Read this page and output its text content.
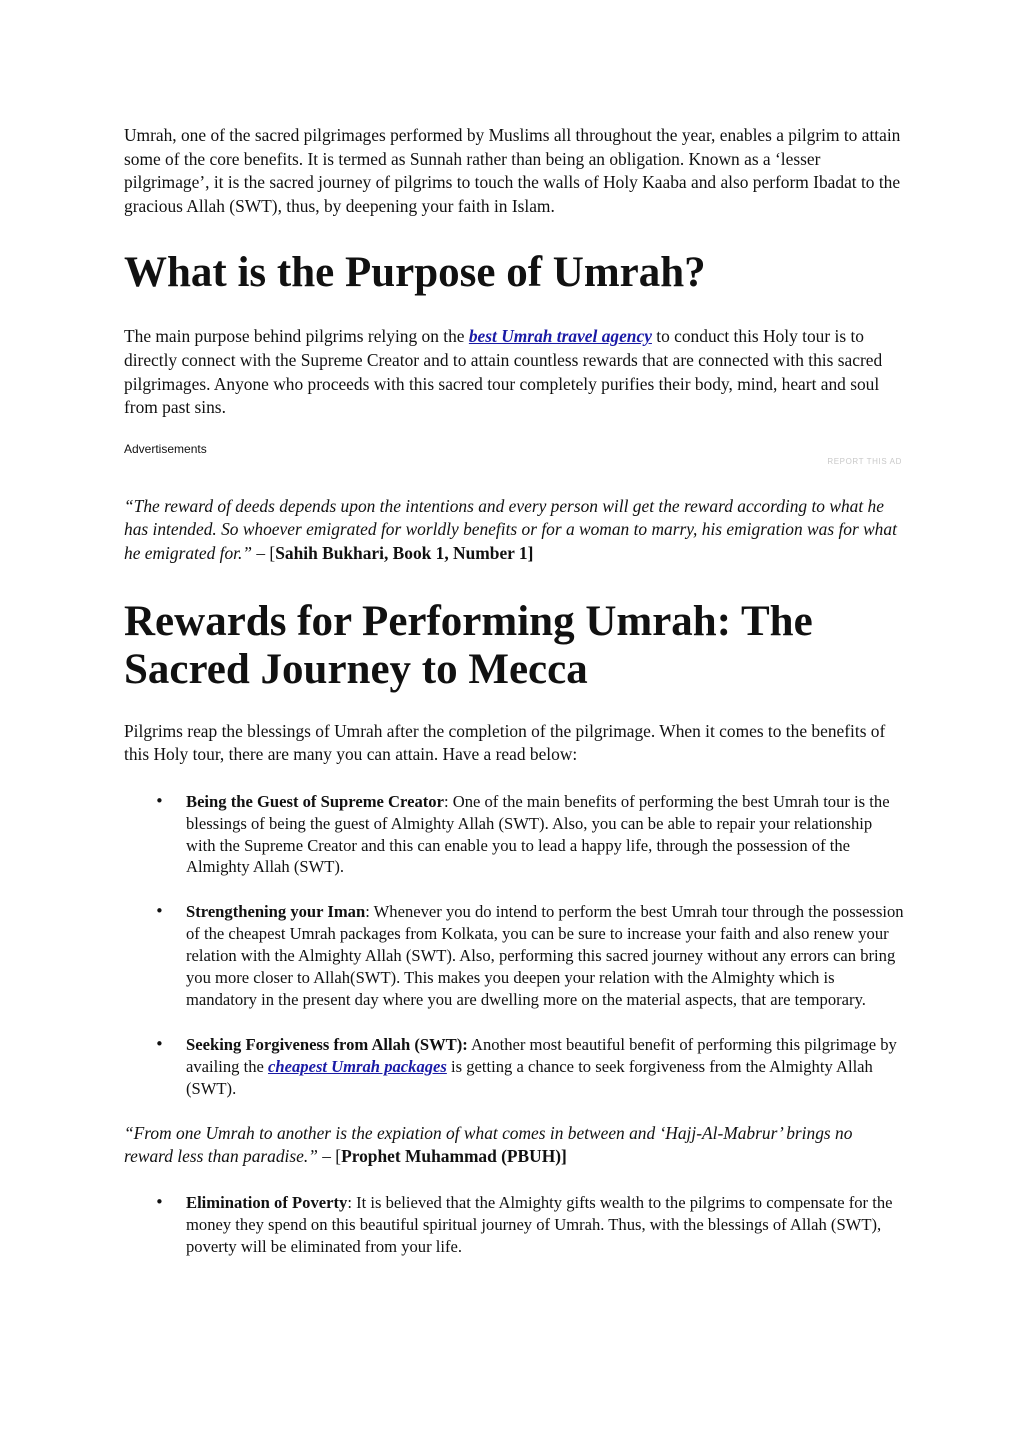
Umrah, one of the sacred pilgrimages performed by Muslims all throughout the year, enables a pilgrim to attain some of the core benefits. It is termed as Sunnah rather than being an obligation. Known as a ‘lesser pilgrimage’, it is the sacred journey of pilgrims to touch the walls of Holy Kaaba and also perform Ibadat to the gracious Allah (SWT), thus, by deepening your faith in Islam.

What is the Purpose of Umrah?

The main purpose behind pilgrims relying on the best Umrah travel agency to conduct this Holy tour is to directly connect with the Supreme Creator and to attain countless rewards that are connected with this sacred pilgrimages. Anyone who proceeds with this sacred tour completely purifies their body, mind, heart and soul from past sins.

Advertisements
REPORT THIS AD

“The reward of deeds depends upon the intentions and every person will get the reward according to what he has intended. So whoever emigrated for worldly benefits or for a woman to marry, his emigration was for what he emigrated for.” – [Sahih Bukhari, Book 1, Number 1]

Rewards for Performing Umrah: The Sacred Journey to Mecca

Pilgrims reap the blessings of Umrah after the completion of the pilgrimage. When it comes to the benefits of this Holy tour, there are many you can attain. Have a read below:

• Being the Guest of Supreme Creator: One of the main benefits of performing the best Umrah tour is the blessings of being the guest of Almighty Allah (SWT). Also, you can be able to repair your relationship with the Supreme Creator and this can enable you to lead a happy life, through the possession of the Almighty Allah (SWT).
• Strengthening your Iman: Whenever you do intend to perform the best Umrah tour through the possession of the cheapest Umrah packages from Kolkata, you can be sure to increase your faith and also renew your relation with the Almighty Allah (SWT). Also, performing this sacred journey without any errors can bring you more closer to Allah(SWT). This makes you deepen your relation with the Almighty which is mandatory in the present day where you are dwelling more on the material aspects, that are temporary.
• Seeking Forgiveness from Allah (SWT): Another most beautiful benefit of performing this pilgrimage by availing the cheapest Umrah packages is getting a chance to seek forgiveness from the Almighty Allah (SWT).

“From one Umrah to another is the expiation of what comes in between and ‘Hajj-Al-Mabrur’ brings no reward less than paradise.” – [Prophet Muhammad (PBUH)]

• Elimination of Poverty: It is believed that the Almighty gifts wealth to the pilgrims to compensate for the money they spend on this beautiful spiritual journey of Umrah. Thus, with the blessings of Allah (SWT), poverty will be eliminated from your life.
